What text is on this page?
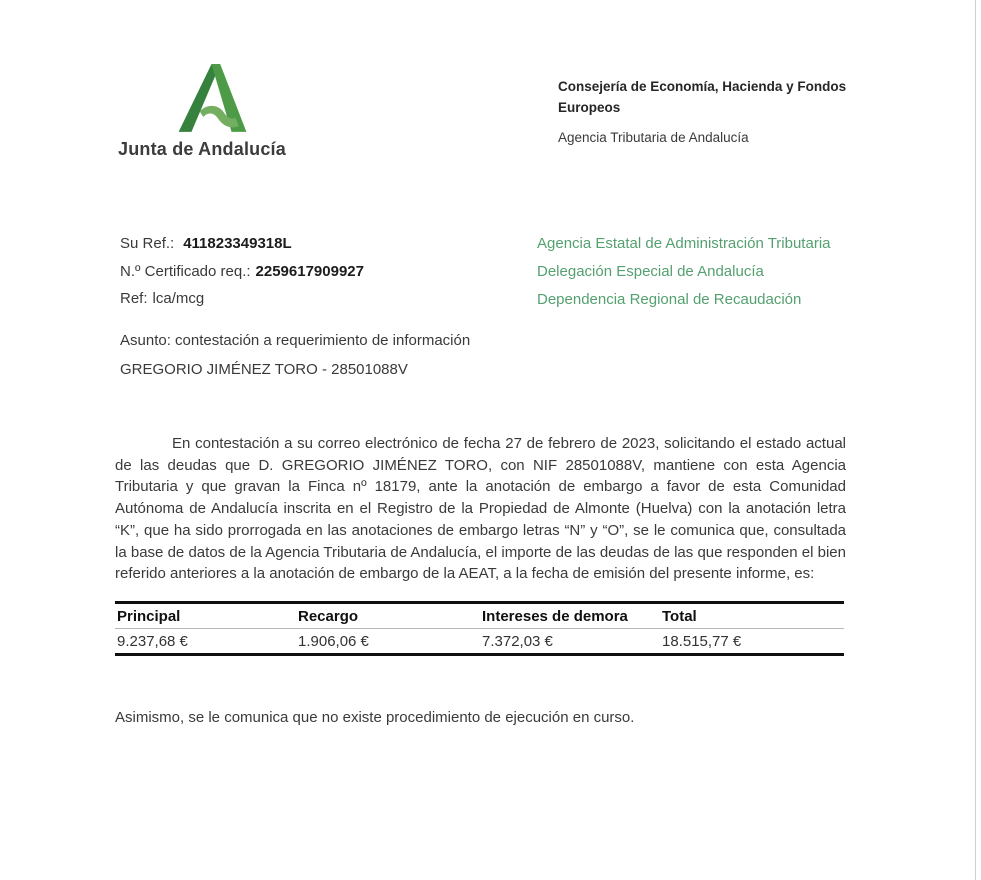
Junta de Andalucía
Consejería de Economía, Hacienda y Fondos Europeos
Agencia Tributaria de Andalucía
Su Ref.: 411823349318L
N.º Certificado req.: 2259617909927
Ref: lca/mcg
Agencia Estatal de Administración Tributaria
Delegación Especial de Andalucía
Dependencia Regional de Recaudación
Asunto: contestación a requerimiento de información
GREGORIO JIMÉNEZ TORO - 28501088V

En contestación a su correo electrónico de fecha 27 de febrero de 2023, solicitando el estado actual de las deudas que D. GREGORIO JIMÉNEZ TORO, con NIF 28501088V, mantiene con esta Agencia Tributaria y que gravan la Finca nº 18179, ante la anotación de embargo a favor de esta Comunidad Autónoma de Andalucía inscrita en el Registro de la Propiedad de Almonte (Huelva) con la anotación letra “K”, que ha sido prorrogada en las anotaciones de embargo letras “N” y “O”, se le comunica que, consultada la base de datos de la Agencia Tributaria de Andalucía, el importe de las deudas de las que responden el bien referido anteriores a la anotación de embargo de la AEAT, a la fecha de emisión del presente informe, es:

Principal	Recargo	Intereses de demora	Total
9.237,68 €	1.906,06 €	7.372,03 €	18.515,77 €

Asimismo, se le comunica que no existe procedimiento de ejecución en curso.
